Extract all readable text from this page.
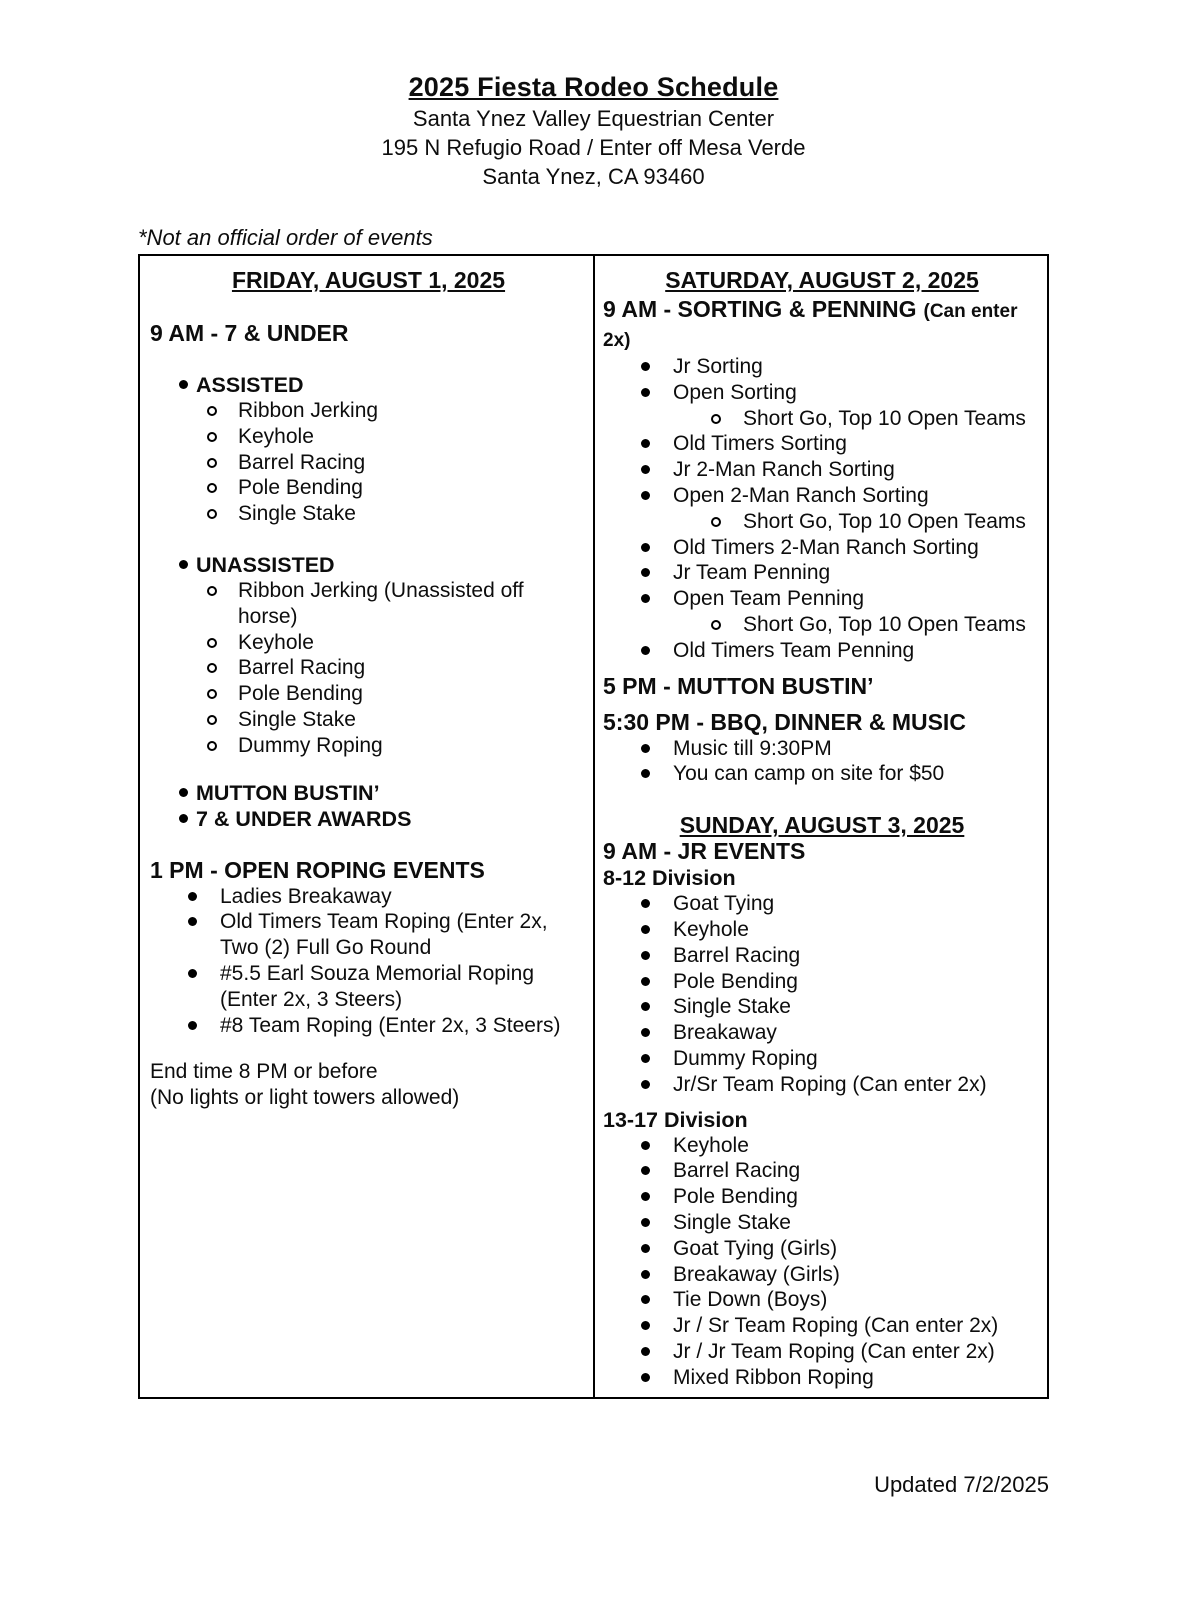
2025 Fiesta Rodeo Schedule
Santa Ynez Valley Equestrian Center
195 N Refugio Road / Enter off Mesa Verde
Santa Ynez, CA 93460
*Not an official order of events
FRIDAY, AUGUST 1, 2025

9 AM - 7 & UNDER

ASSISTED
Ribbon Jerking
Keyhole
Barrel Racing
Pole Bending
Single Stake
UNASSISTED
Ribbon Jerking (Unassisted off horse)
Keyhole
Barrel Racing
Pole Bending
Single Stake
Dummy Roping
MUTTON BUSTIN’
7 & UNDER AWARDS

1 PM - OPEN ROPING EVENTS

Ladies Breakaway
Old Timers Team Roping (Enter 2x, Two (2) Full Go Round
#5.5 Earl Souza Memorial Roping (Enter 2x, 3 Steers)
#8 Team Roping (Enter 2x, 3 Steers)
End time 8 PM or before
(No lights or light towers allowed)
SATURDAY, AUGUST 2, 2025

9 AM - SORTING & PENNING (Can enter 2x)

Jr Sorting
Open Sorting
Short Go, Top 10 Open Teams
Old Timers Sorting
Jr 2-Man Ranch Sorting
Open 2-Man Ranch Sorting
Short Go, Top 10 Open Teams
Old Timers 2-Man Ranch Sorting
Jr Team Penning
Open Team Penning
Short Go, Top 10 Open Teams
Old Timers Team Penning

5 PM - MUTTON BUSTIN’

5:30 PM - BBQ, DINNER & MUSIC

Music till 9:30PM
You can camp on site for $50
SUNDAY, AUGUST 3, 2025

9 AM - JR EVENTS

8-12 Division
Goat Tying
Keyhole
Barrel Racing
Pole Bending
Single Stake
Breakaway
Dummy Roping
Jr/Sr Team Roping (Can enter 2x)
13-17 Division
Keyhole
Barrel Racing
Pole Bending
Single Stake
Goat Tying (Girls)
Breakaway (Girls)
Tie Down (Boys)
Jr / Sr Team Roping (Can enter 2x)
Jr / Jr Team Roping (Can enter 2x)
Mixed Ribbon Roping
Updated 7/2/2025
